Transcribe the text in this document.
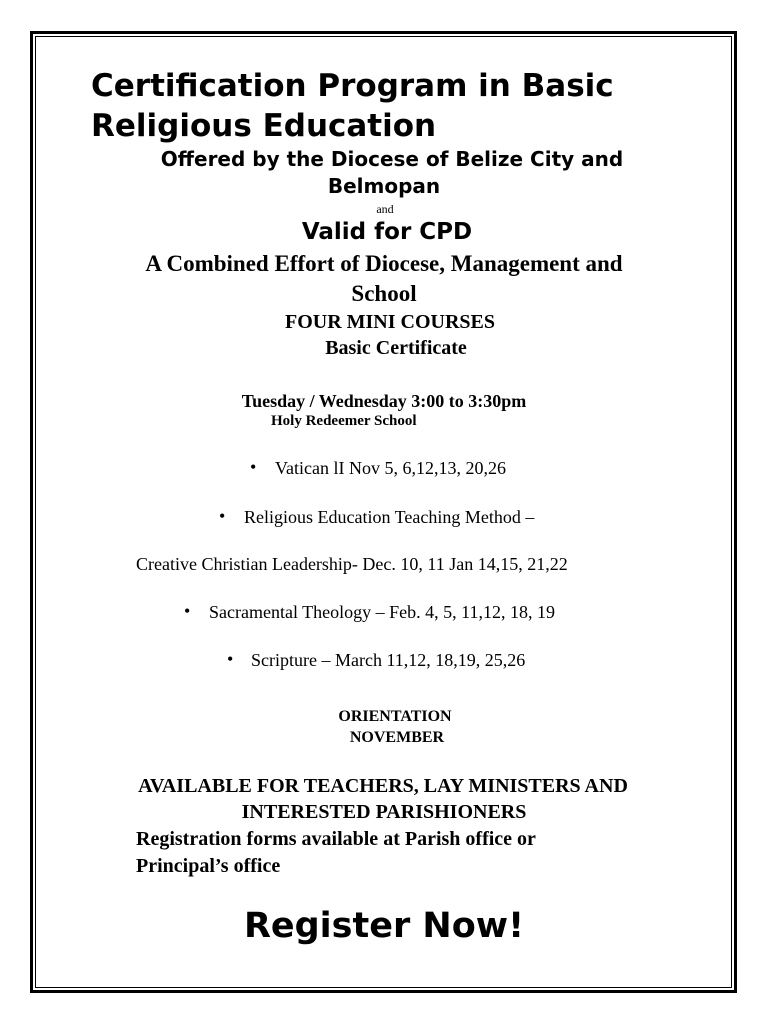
Certification Program in Basic
Religious Education
Offered by the Diocese of Belize City and
Belmopan
and
Valid for CPD
A Combined Effort of Diocese, Management and
School
FOUR MINI COURSES
Basic Certificate
Tuesday / Wednesday 3:00 to 3:30pm
Holy Redeemer School
• Vatican lI Nov 5, 6,12,13, 20,26
• Religious Education Teaching Method –
Creative Christian Leadership- Dec. 10, 11 Jan 14,15, 21,22
• Sacramental Theology – Feb. 4, 5, 11,12, 18, 19
• Scripture – March 11,12, 18,19, 25,26
ORIENTATION
NOVEMBER
AVAILABLE FOR TEACHERS, LAY MINISTERS AND
INTERESTED PARISHIONERS
Registration forms available at Parish office or
Principal’s office
Register Now!
